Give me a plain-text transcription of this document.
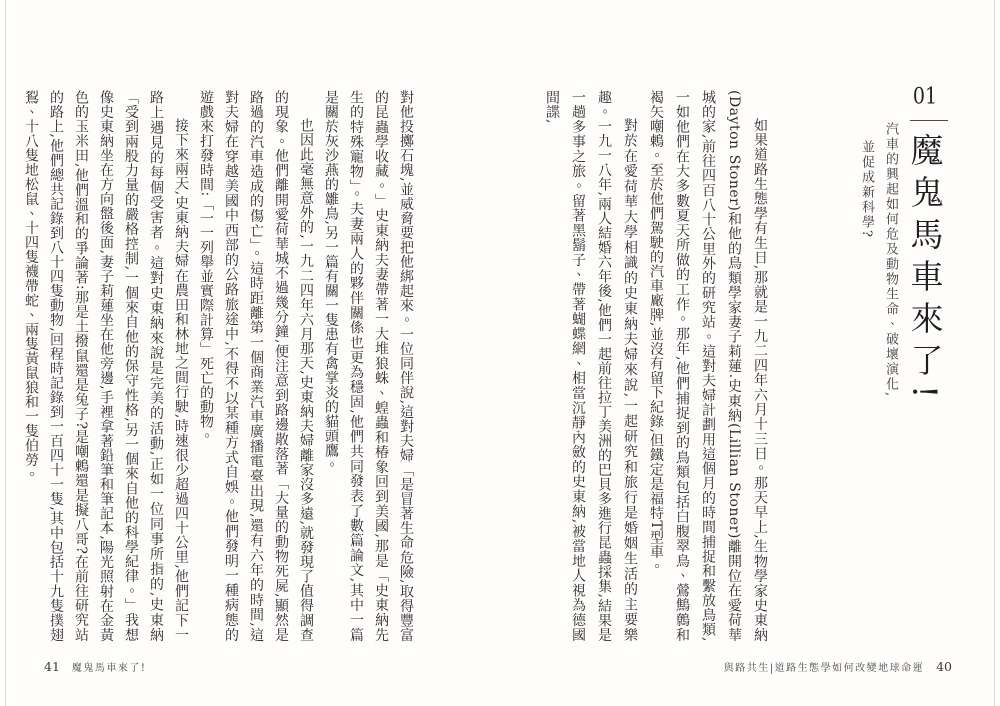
01魔鬼馬車來了!
汽車的興起如何危及動物生命、破壞演化,
並促成新科學?

如果道路生態學有生日,那就是一九二四年六月十三日。那天早上,生物學家史東納(Dayton Stoner)和他的鳥類學家妻子莉蓮.史東納(Lillian Stoner)離開位在愛荷華城的家,前往四百八十公里外的研究站。這對夫婦計劃用這個月的時間捕捉和繫放鳥類,一如他們在大多數夏天所做的工作。那年,他們捕捉到的鳥類包括白腹翠鳥、鶯鷦鷯和褐矢嘲鶇。至於他們駕駛的汽車廠牌,並沒有留下紀錄,但鐵定是福特T型車。

對於在愛荷華大學相識的史東納夫婦來說,一起研究和旅行是婚姻生活的主要樂趣。一九一八年,兩人結婚六年後,他們一起前往拉丁美洲的巴貝多進行昆蟲採集,結果是一趟多事之旅。留著黑鬍子、帶著蝴蝶網、相當沉靜內斂的史東納,被當地人視為德國間諜,

與路共生|道路生態學如何改變地球命運 40

對他投擲石塊,並威脅要把他綁起來。一位同伴說,這對夫婦「是冒著生命危險,取得豐富的昆蟲學收藏。」史東納夫妻帶著一大堆狼蛛、蝗蟲和椿象回到美國,那是「史東納先生的特殊寵物」。夫妻兩人的夥伴關係也更為穩固,他們共同發表了數篇論文,其中一篇是關於灰沙燕的雛鳥,另一篇有關一隻患有禽掌炎的貓頭鷹。

也因此毫無意外的,一九二四年六月那天,史東納夫婦離家沒多遠,就發現了值得調查的現象。他們離開愛荷華城不過幾分鐘,便注意到路邊散落著「大量的動物死屍,顯然是路過的汽車造成的傷亡」。這時距離第一個商業汽車廣播電臺出現,還有六年的時間,這對夫婦在穿越美國中西部的公路旅途中,不得不以某種方式自娛。他們發明一種病態的遊戲來打發時間:「一一列舉並實際計算」死亡的動物。

接下來兩天,史東納夫婦在農田和林地之間行駛,時速很少超過四十公里,他們記下一路上遇見的每個受害者。這對史東納來說是完美的活動,正如一位同事所指的,史東納「受到兩股力量的嚴格控制,一個來自他的保守性格,另一個來自他的科學紀律。」我想像史東納坐在方向盤後面,妻子莉蓮坐在他旁邊,手裡拿著鉛筆和筆記本,陽光照射在金黃色的玉米田,他們溫和的爭論著:那是土撥鼠還是兔子?是嘲鶇還是擬八哥?在前往研究站的路上,他們總共記錄到八十四隻動物,回程時記錄到一百四十一隻,其中包括十九隻撲翅鴷、十八隻地松鼠、十四隻襪帶蛇、兩隻黃鼠狼和一隻伯勞。

41 魔鬼馬車來了!
